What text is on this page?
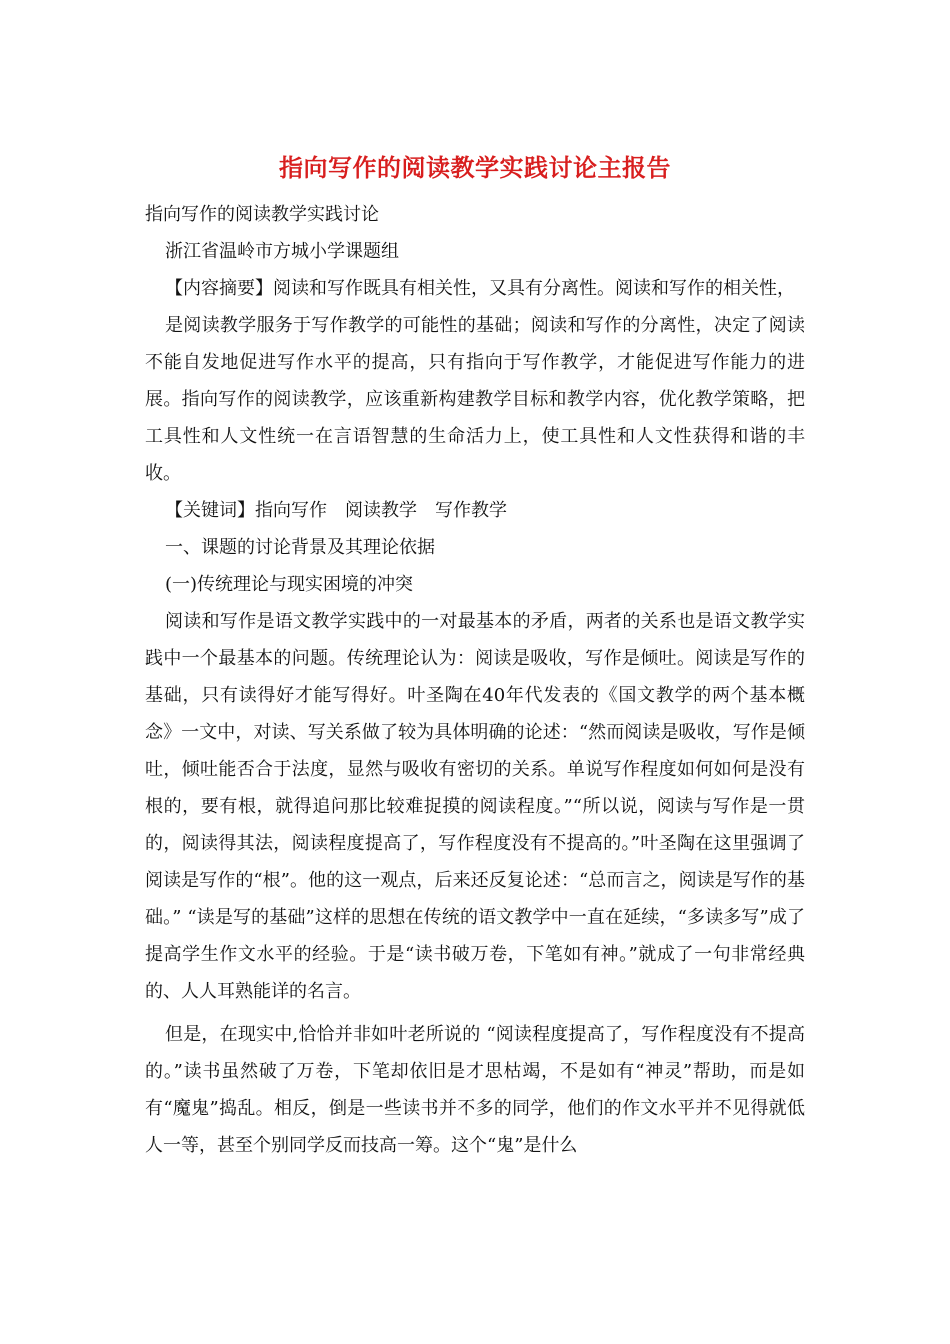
指向写作的阅读教学实践讨论主报告

指向写作的阅读教学实践讨论

浙江省温岭市方城小学课题组

【内容摘要】阅读和写作既具有相关性，又具有分离性。阅读和写作的相关性，

是阅读教学服务于写作教学的可能性的基础；阅读和写作的分离性，决定了阅读不能自发地促进写作水平的提高，只有指向于写作教学，才能促进写作能力的进展。指向写作的阅读教学，应该重新构建教学目标和教学内容，优化教学策略，把工具性和人文性统一在言语智慧的生命活力上，使工具性和人文性获得和谐的丰收。

【关键词】指向写作　阅读教学　写作教学

一、课题的讨论背景及其理论依据

(一)传统理论与现实困境的冲突

阅读和写作是语文教学实践中的一对最基本的矛盾，两者的关系也是语文教学实践中一个最基本的问题。传统理论认为：阅读是吸收，写作是倾吐。阅读是写作的基础，只有读得好才能写得好。叶圣陶在40年代发表的《国文教学的两个基本概念》一文中，对读、写关系做了较为具体明确的论述：“然而阅读是吸收，写作是倾吐，倾吐能否合于法度，显然与吸收有密切的关系。单说写作程度如何如何是没有根的，要有根，就得追问那比较难捉摸的阅读程度。”“所以说，阅读与写作是一贯的，阅读得其法，阅读程度提高了，写作程度没有不提高的。”叶圣陶在这里强调了阅读是写作的“根”。他的这一观点，后来还反复论述：“总而言之，阅读是写作的基础。” “读是写的基础”这样的思想在传统的语文教学中一直在延续，“多读多写”成了提高学生作文水平的经验。于是“读书破万卷，下笔如有神。”就成了一句非常经典的、人人耳熟能详的名言。

但是，在现实中,恰恰并非如叶老所说的 “阅读程度提高了，写作程度没有不提高的。”读书虽然破了万卷，下笔却依旧是才思枯竭，不是如有“神灵”帮助，而是如有“魔鬼”捣乱。相反，倒是一些读书并不多的同学，他们的作文水平并不见得就低人一等，甚至个别同学反而技高一筹。这个“鬼”是什么
